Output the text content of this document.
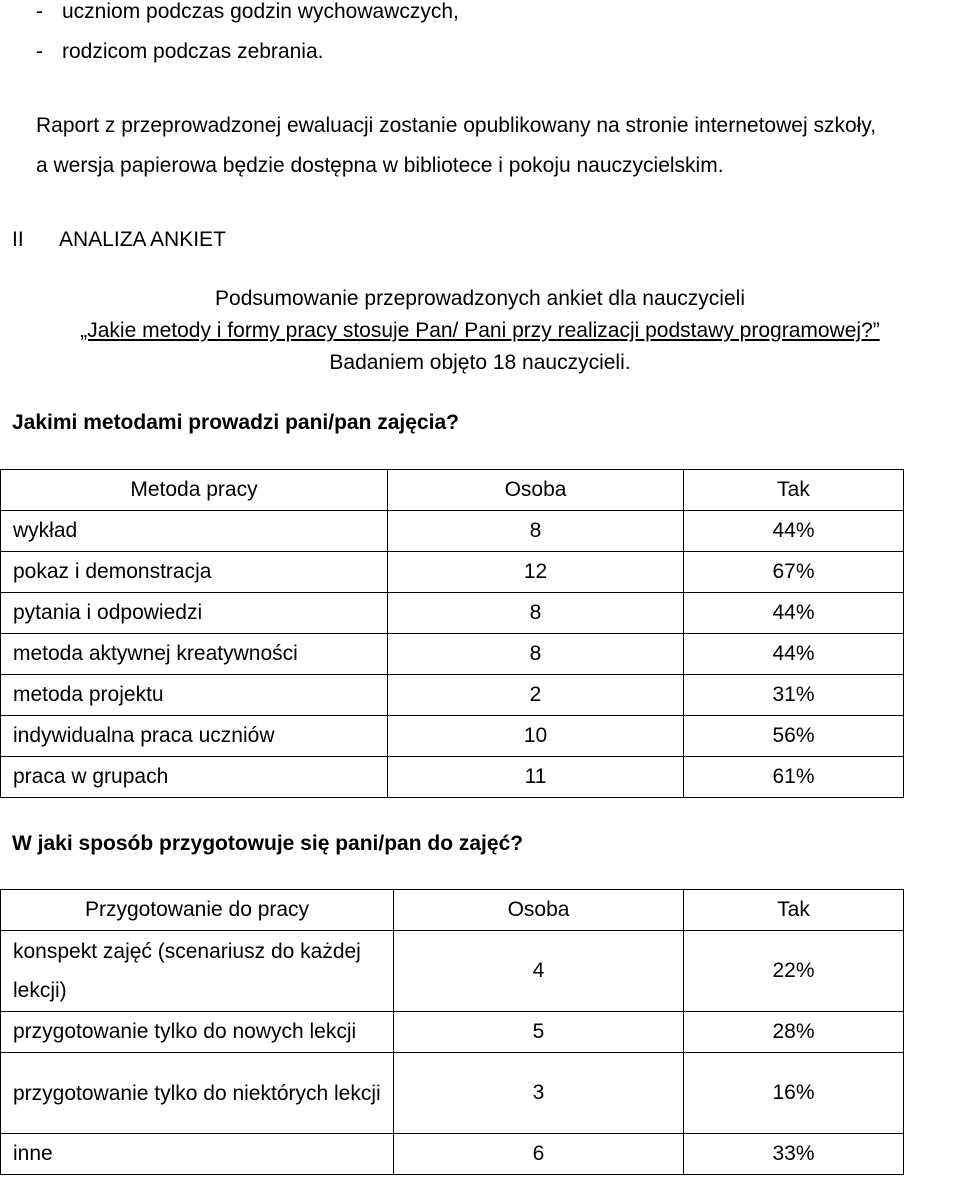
- uczniom podczas godzin wychowawczych,
- rodzicom podczas zebrania.
Raport z przeprowadzonej ewaluacji zostanie opublikowany na stronie internetowej szkoły,
a wersja papierowa będzie dostępna w bibliotece i pokoju nauczycielskim.
II ANALIZA ANKIET
Podsumowanie przeprowadzonych ankiet dla nauczycieli
„Jakie metody i formy pracy stosuje Pan/ Pani przy realizacji podstawy programowej?”
Badaniem objęto 18 nauczycieli.
Jakimi metodami prowadzi pani/pan zajęcia?
Metoda pracy	Osoba	Tak
wykład	8	44%
pokaz i demonstracja	12	67%
pytania i odpowiedzi	8	44%
metoda aktywnej kreatywności	8	44%
metoda projektu	2	31%
indywidualna praca uczniów	10	56%
praca w grupach	11	61%
W jaki sposób przygotowuje się pani/pan do zajęć?
Przygotowanie do pracy	Osoba	Tak
konspekt zajęć (scenariusz do każdej lekcji)	4	22%
przygotowanie tylko do nowych lekcji	5	28%
przygotowanie tylko do niektórych lekcji	3	16%
inne	6	33%
